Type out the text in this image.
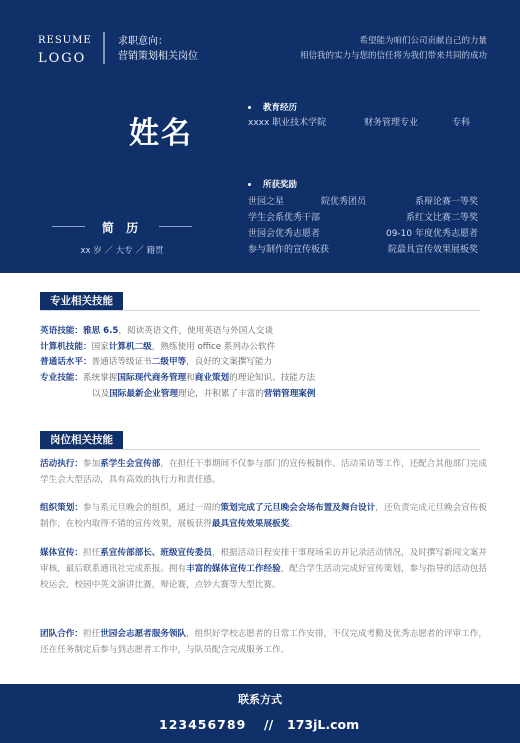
RESUME
LOGO
求职意向：
营销策划相关岗位
希望能为咱们公司贡献自己的力量
相信我的实力与您的信任将为我们带来共同的成功
姓名
简 历
xx 岁 ／ 大专 ／ 籍贯
教育经历
xxxx 职业技术学院	财务管理专业	专科
所获奖励
世园之星	院优秀团员	系辩论赛一等奖
学生会系优秀干部	系红文比赛二等奖
世园会优秀志愿者	09-10 年度优秀志愿者
参与制作的宣传板获	院最具宣传效果展板奖
专业相关技能
英语技能：雅思 6.5，阅读英语文件，使用英语与外国人交谈
计算机技能：国家计算机二级，熟练使用 office 系列办公软件
普通话水平：普通话等级证书二级甲等，良好的文案撰写能力
专业技能：系统掌握国际现代商务管理和商业策划的理论知识、技能方法
以及国际最新企业管理理论，并积累了丰富的营销管理案例
岗位相关技能
活动执行：参加系学生会宣传部，在担任干事期间不仅参与部门的宣传板制作、活动采访等工作，还配合其他部门完成学生会大型活动，具有高效的执行力和责任感。
组织策划：参与系元旦晚会的组织，通过一周的策划完成了元旦晚会会场布置及舞台设计，还负责完成元旦晚会宣传板制作，在校内取得不错的宣传效果，展板获得最具宣传效果展板奖。
媒体宣传：担任系宣传部部长、班级宣传委员，根据活动日程安排干事现场采访并记录活动情况，及时撰写新闻文案并审核，最后联系通讯社完成系报。拥有丰富的媒体宣传工作经验，配合学生活动完成好宣传策划，参与指导的活动包括校运会，校园中英文演讲比赛，辩论赛，点钞大赛等大型比赛。
团队合作：担任世园会志愿者服务领队，组织好学校志愿者的日常工作安排，不仅完成考勤及优秀志愿者的评审工作，还在任务制定后参与到志愿者工作中，与队员配合完成服务工作。
联系方式
123456789 // 173jL.com
